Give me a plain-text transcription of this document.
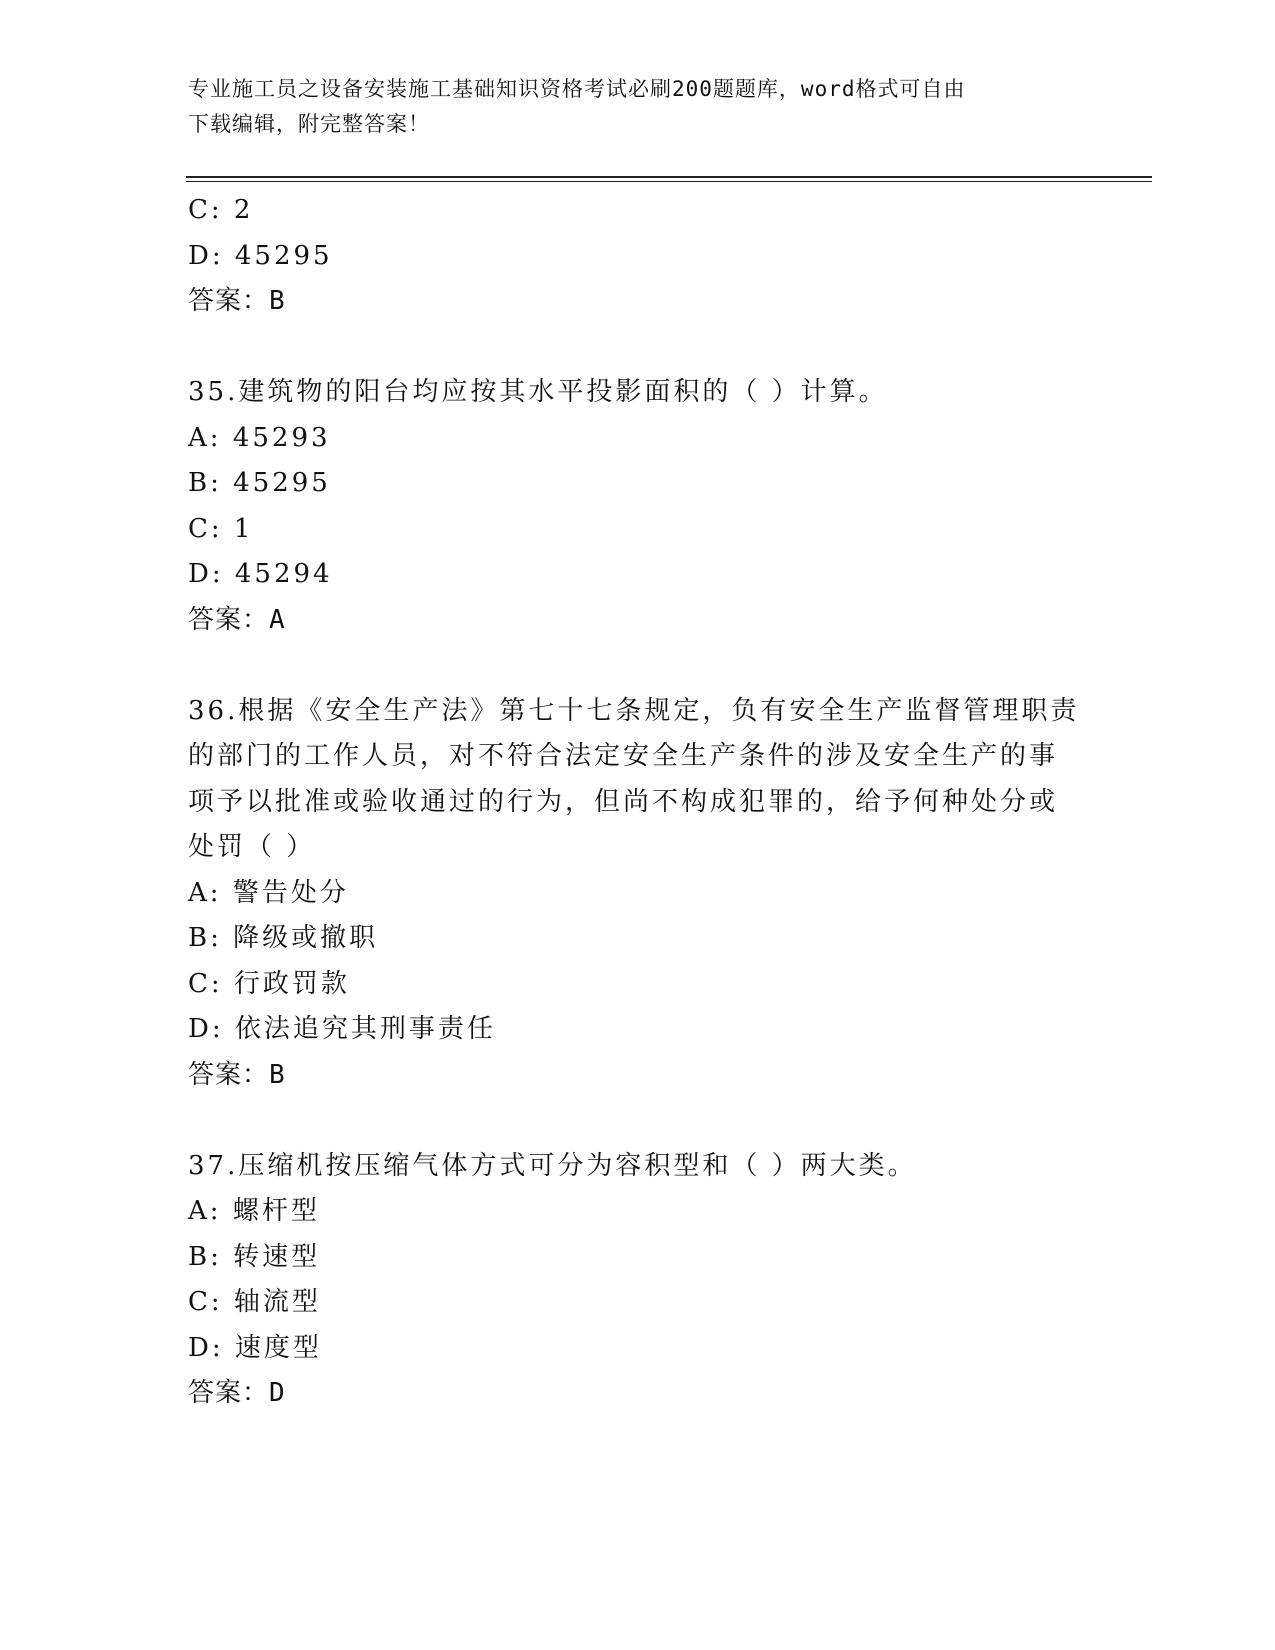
专业施工员之设备安装施工基础知识资格考试必刷200题题库，word格式可自由
下载编辑，附完整答案！
C: 2
D: 45295
答案：B
35.建筑物的阳台均应按其水平投影面积的（ ）计算。
A: 45293
B: 45295
C: 1
D: 45294
答案：A
36.根据《安全生产法》第七十七条规定，负有安全生产监督管理职责
的部门的工作人员，对不符合法定安全生产条件的涉及安全生产的事
项予以批准或验收通过的行为，但尚不构成犯罪的，给予何种处分或
处罚（ ）
A: 警告处分
B: 降级或撤职
C: 行政罚款
D: 依法追究其刑事责任
答案：B
37.压缩机按压缩气体方式可分为容积型和（ ）两大类。
A: 螺杆型
B: 转速型
C: 轴流型
D: 速度型
答案：D
